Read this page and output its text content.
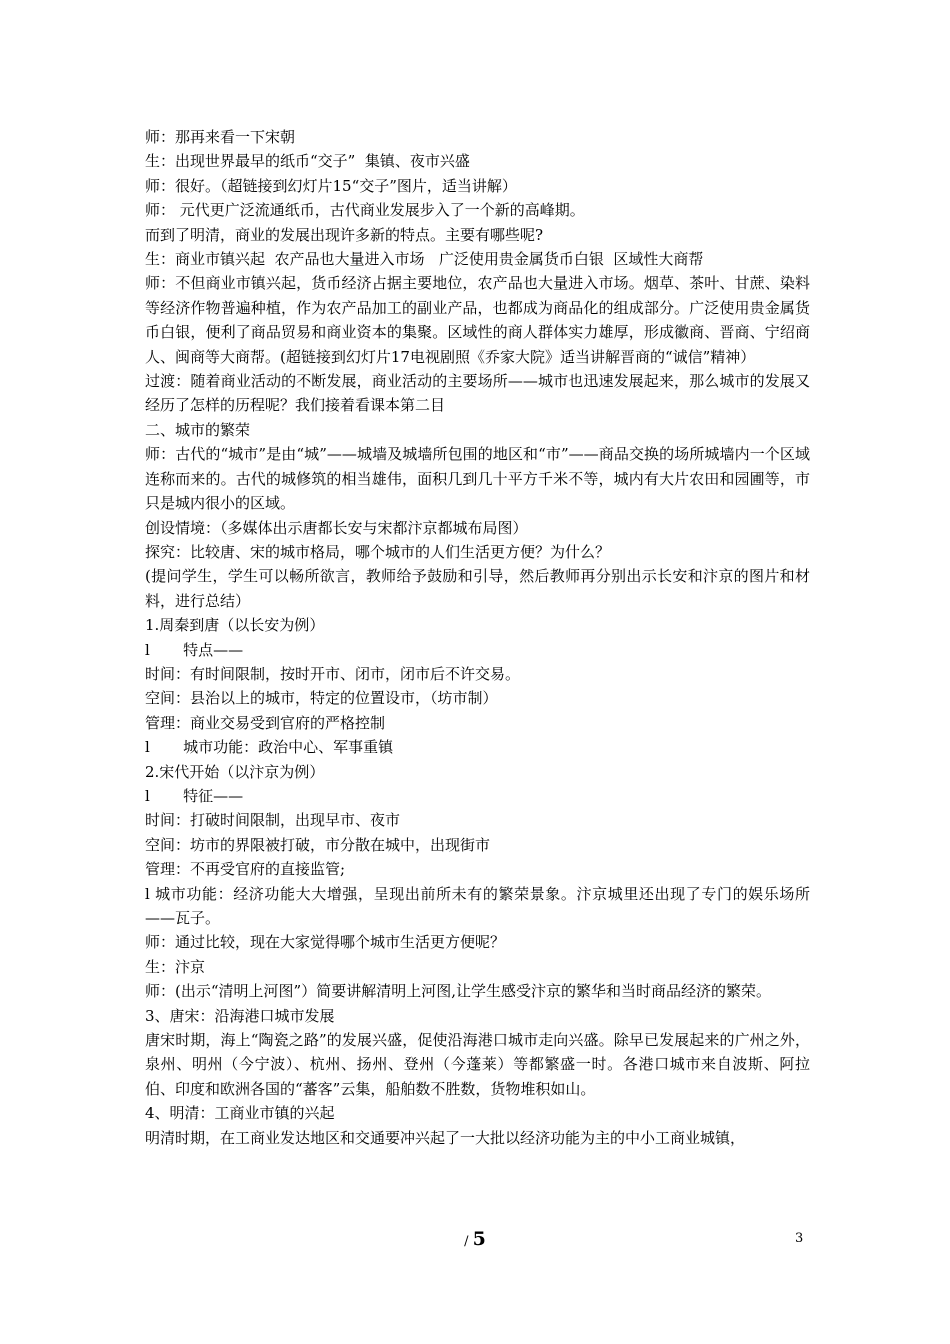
师：那再来看一下宋朝

生：出现世界最早的纸币“交子”  集镇、夜市兴盛

师：很好。（超链接到幻灯片15“交子”图片，适当讲解）

师： 元代更广泛流通纸币，古代商业发展步入了一个新的高峰期。

而到了明清，商业的发展出现许多新的特点。主要有哪些呢?

生：商业市镇兴起  农产品也大量进入市场   广泛使用贵金属货币白银  区域性大商帮

师：不但商业市镇兴起，货币经济占据主要地位，农产品也大量进入市场。烟草、茶叶、甘蔗、染料等经济作物普遍种植，作为农产品加工的副业产品，也都成为商品化的组成部分。广泛使用贵金属货币白银，便利了商品贸易和商业资本的集聚。区域性的商人群体实力雄厚，形成徽商、晋商、宁绍商人、闽商等大商帮。(超链接到幻灯片17电视剧照《乔家大院》适当讲解晋商的“诚信”精神）

过渡：随着商业活动的不断发展，商业活动的主要场所——城市也迅速发展起来，那么城市的发展又经历了怎样的历程呢？我们接着看课本第二目

二、城市的繁荣

师：古代的“城市”是由“城”——城墙及城墙所包围的地区和“市”——商品交换的场所城墙内一个区域连称而来的。古代的城修筑的相当雄伟，面积几到几十平方千米不等，城内有大片农田和园圃等，市只是城内很小的区域。

创设情境：（多媒体出示唐都长安与宋都汴京都城布局图）

探究：比较唐、宋的城市格局，哪个城市的人们生活更方便？为什么？

(提问学生，学生可以畅所欲言，教师给予鼓励和引导，然后教师再分别出示长安和汴京的图片和材料，进行总结）

1.周秦到唐（以长安为例）

l       特点——

时间：有时间限制，按时开市、闭市，闭市后不许交易。

空间：县治以上的城市，特定的位置设市，（坊市制）

管理：商业交易受到官府的严格控制

l       城市功能：政治中心、军事重镇

2.宋代开始（以汴京为例）

l       特征——

时间：打破时间限制，出现早市、夜市

空间：坊市的界限被打破，市分散在城中，出现街市

管理：不再受官府的直接监管;

l 城市功能：经济功能大大增强，呈现出前所未有的繁荣景象。汴京城里还出现了专门的娱乐场所——瓦子。

师：通过比较，现在大家觉得哪个城市生活更方便呢？

生：汴京

师：(出示“清明上河图”）简要讲解清明上河图,让学生感受汴京的繁华和当时商品经济的繁荣。

3、唐宋：沿海港口城市发展

唐宋时期，海上“陶瓷之路”的发展兴盛，促使沿海港口城市走向兴盛。除早已发展起来的广州之外，泉州、明州（今宁波）、杭州、扬州、登州（今蓬莱）等都繁盛一时。各港口城市来自波斯、阿拉伯、印度和欧洲各国的“蕃客”云集，船舶数不胜数，货物堆积如山。

4、明清：工商业市镇的兴起

明清时期，在工商业发达地区和交通要冲兴起了一大批以经济功能为主的中小工商业城镇，

/ 5	3
